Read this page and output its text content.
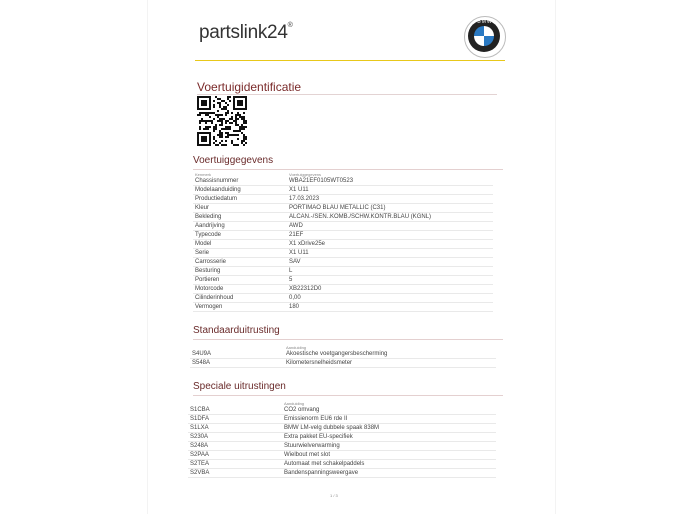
partslink24®	BMW
Voertuigidentificatie
Voertuiggegevens
Kenmerk	Voertuiggegevens
Chassisnummer	WBA21EF0105WT0523
Modelaanduiding	X1 U11
Productiedatum	17.03.2023
Kleur	PORTIMAO BLAU METALLIC (C31)
Bekleding	ALCAN.-/SEN..KOMB./SCHW.KONTR.BLAU (KGNL)
Aandrijving	AWD
Typecode	21EF
Model	X1 xDrive25e
Serie	X1 U11
Carrosserie	SAV
Besturing	L
Portieren	5
Motorcode	XB22312D0
Cilinderinhoud	0,00
Vermogen	180
Standaarduitrusting
	Aanduiding
S4U9A	Akoestische voetgangersbescherming
S548A	Kilometersnelheidsmeter
Speciale uitrustingen
	Aanduiding
S1CBA	CO2 omvang
S1DFA	Emissienorm EU6 rde II
S1LXA	BMW LM-velg dubbele spaak 838M
S230A	Extra pakket EU-specifiek
S248A	Stuurwielverwarming
S2PAA	Wielbout met slot
S2TEA	Automaat met schakelpaddels
S2VBA	Bandenspanningsweergave
1 / 3
